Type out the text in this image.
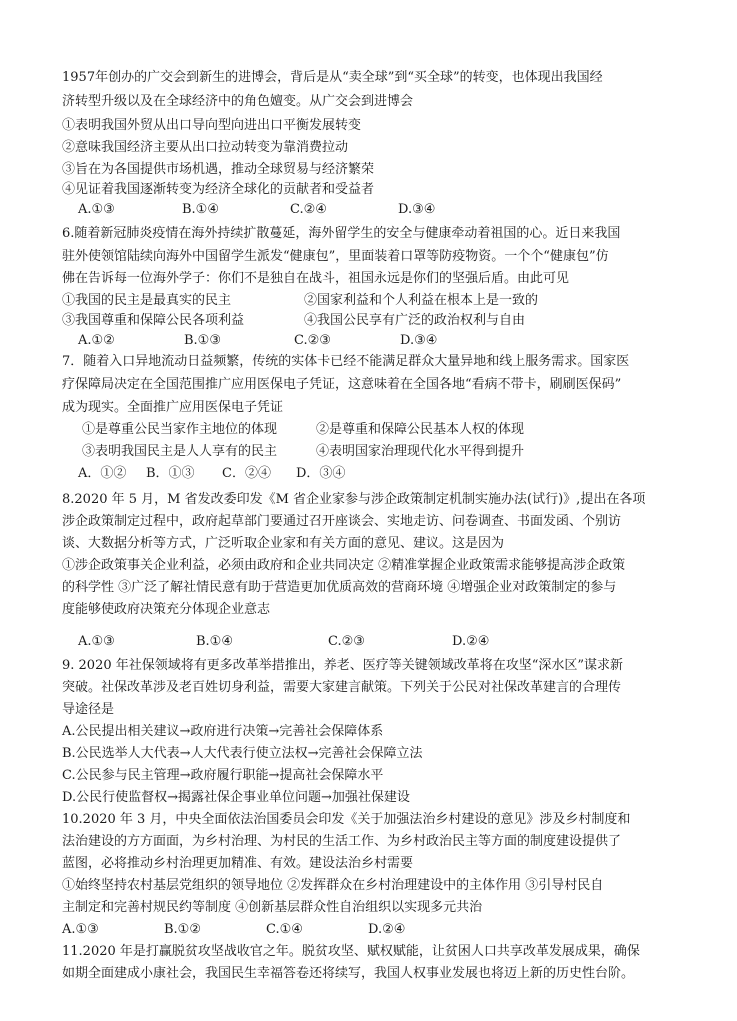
1957年创办的广交会到新生的进博会，背后是从“卖全球”到“买全球”的转变，也体现出我国经
济转型升级以及在全球经济中的角色嬗变。从广交会到进博会
①表明我国外贸从出口导向型向进出口平衡发展转变
②意味我国经济主要从出口拉动转变为靠消费拉动
③旨在为各国提供市场机遇，推动全球贸易与经济繁荣
④见证着我国逐渐转变为经济全球化的贡献者和受益者
A.①③	B.①④	C.②④	D.③④
6.随着新冠肺炎疫情在海外持续扩散蔓延，海外留学生的安全与健康牵动着祖国的心。近日来我国
驻外使领馆陆续向海外中国留学生派发“健康包”，里面装着口罩等防疫物资。一个个“健康包”仿
佛在告诉每一位海外学子：你们不是独自在战斗，祖国永远是你们的坚强后盾。由此可见
①我国的民主是最真实的民主	②国家利益和个人利益在根本上是一致的
③我国尊重和保障公民各项利益	④我国公民享有广泛的政治权利与自由
A.①②	B.①③	C.②③	D.③④
7．随着入口异地流动日益频繁，传统的实体卡已经不能满足群众大量异地和线上服务需求。国家医
疗保障局决定在全国范围推广应用医保电子凭证，这意味着在全国各地“看病不带卡，刷刷医保码”
成为现实。全面推广应用医保电子凭证
①是尊重公民当家作主地位的体现	②是尊重和保障公民基本人权的体现
③表明我国民主是人人享有的民主	④表明国家治理现代化水平得到提升
A．①② B．①③ C．②④ D．③④
8.2020 年 5 月，M 省发改委印发《M 省企业家参与涉企政策制定机制实施办法(试行)》,提出在各项
涉企政策制定过程中，政府起草部门要通过召开座谈会、实地走访、问卷调查、书面发函、个别访
谈、大数据分析等方式，广泛听取企业家和有关方面的意见、建议。这是因为
①涉企政策事关企业利益，必须由政府和企业共同决定 ②精准掌握企业政策需求能够提高涉企政策
的科学性 ③广泛了解社情民意有助于营造更加优质高效的营商环境 ④增强企业对政策制定的参与
度能够使政府决策充分体现企业意志
A.①③	B.①④	C.②③	D.②④
9. 2020 年社保领域将有更多改革举措推出，养老、医疗等关键领域改革将在攻坚“深水区”谋求新
突破。社保改革涉及老百姓切身利益，需要大家建言献策。下列关于公民对社保改革建言的合理传
导途径是
A.公民提出相关建议→政府进行决策→完善社会保障体系
B.公民选举人大代表→人大代表行使立法权→完善社会保障立法
C.公民参与民主管理→政府履行职能→提高社会保障水平
D.公民行使监督权→揭露社保企事业单位问题→加强社保建设
10.2020 年 3 月，中央全面依法治国委员会印发《关于加强法治乡村建设的意见》涉及乡村制度和
法治建设的方方面面，为乡村治理、为村民的生活工作、为乡村政治民主等方面的制度建设提供了
蓝图，必将推动乡村治理更加精准、有效。建设法治乡村需要
①始终坚持农村基层党组织的领导地位 ②发挥群众在乡村治理建设中的主体作用 ③引导村民自
主制定和完善村规民约等制度 ④创新基层群众性自治组织以实现多元共治
A.①③	B.①②	C.①④	D.②④
11.2020 年是打赢脱贫攻坚战收官之年。脱贫攻坚、赋权赋能，让贫困人口共享改革发展成果，确保
如期全面建成小康社会，我国民生幸福答卷还将续写，我国人权事业发展也将迈上新的历史性台阶。
